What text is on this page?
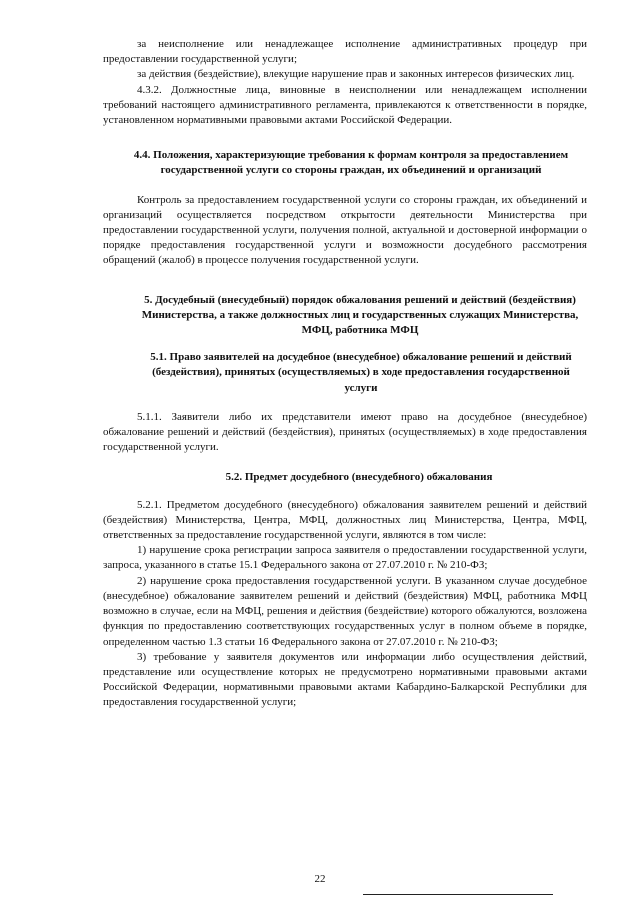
за неисполнение или ненадлежащее исполнение административных процедур при предоставлении государственной услуги;

за действия (бездействие), влекущие нарушение прав и законных интересов физических лиц.

4.3.2. Должностные лица, виновные в неисполнении или ненадлежащем исполнении требований настоящего административного регламента, привлекаются к ответственности в порядке, установленном нормативными правовыми актами Российской Федерации.

4.4. Положения, характеризующие требования к формам контроля за предоставлением государственной услуги со стороны граждан, их объединений и организаций

Контроль за предоставлением государственной услуги со стороны граждан, их объединений и организаций осуществляется посредством открытости деятельности Министерства при предоставлении государственной услуги, получения полной, актуальной и достоверной информации о порядке предоставления государственной услуги и возможности досудебного рассмотрения обращений (жалоб) в процессе получения государственной услуги.

5. Досудебный (внесудебный) порядок обжалования решений и действий (бездействия) Министерства, а также должностных лиц и государственных служащих Министерства, МФЦ, работника МФЦ
5.1. Право заявителей на досудебное (внесудебное) обжалование решений и действий (бездействия), принятых (осуществляемых) в ходе предоставления государственной услуги

5.1.1. Заявители либо их представители имеют право на досудебное (внесудебное) обжалование решений и действий (бездействия), принятых (осуществляемых) в ходе предоставления государственной услуги.

5.2. Предмет досудебного (внесудебного) обжалования

5.2.1. Предметом досудебного (внесудебного) обжалования заявителем решений и действий (бездействия) Министерства, Центра, МФЦ, должностных лиц Министерства, Центра, МФЦ, ответственных за предоставление государственной услуги, являются в том числе:

1) нарушение срока регистрации запроса заявителя о предоставлении государственной услуги, запроса, указанного в статье 15.1 Федерального закона от 27.07.2010 г. № 210-ФЗ;

2) нарушение срока предоставления государственной услуги. В указанном случае досудебное (внесудебное) обжалование заявителем решений и действий (бездействия) МФЦ, работника МФЦ возможно в случае, если на МФЦ, решения и действия (бездействие) которого обжалуются, возложена функция по предоставлению соответствующих государственных услуг в полном объеме в порядке, определенном частью 1.3 статьи 16 Федерального закона от 27.07.2010 г. № 210-ФЗ;

3) требование у заявителя документов или информации либо осуществления действий, представление или осуществление которых не предусмотрено нормативными правовыми актами Российской Федерации, нормативными правовыми актами Кабардино-Балкарской Республики для предоставления государственной услуги;

22
